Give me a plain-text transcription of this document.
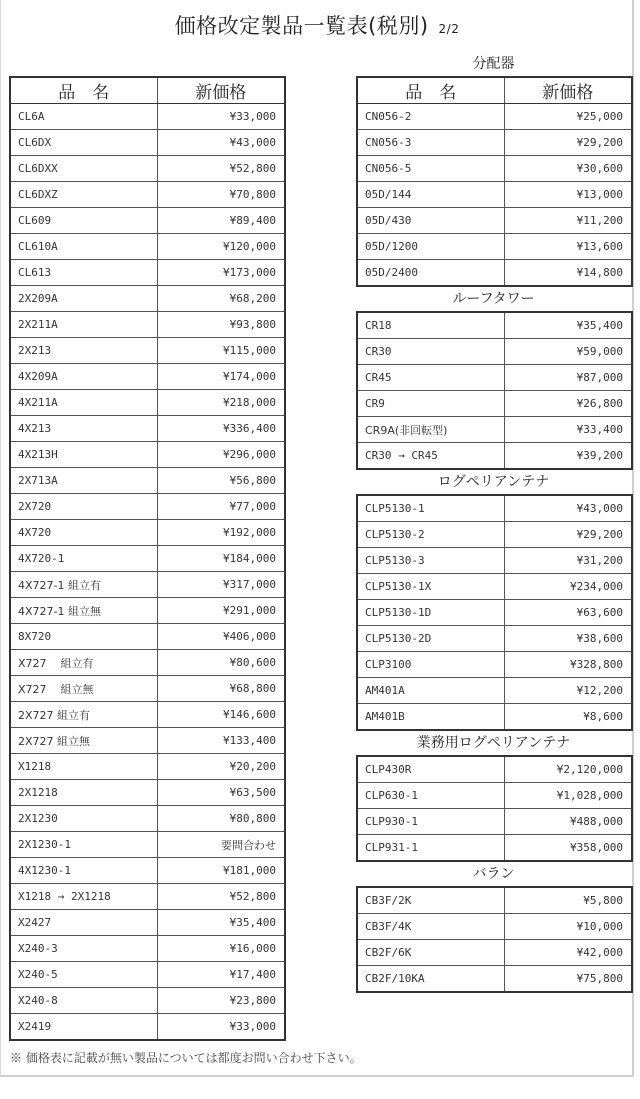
価格改定製品一覧表(税別) 2/2
品　名	新価格
CL6A	¥33,000
CL6DX	¥43,000
CL6DXX	¥52,800
CL6DXZ	¥70,800
CL609	¥89,400
CL610A	¥120,000
CL613	¥173,000
2X209A	¥68,200
2X211A	¥93,800
2X213	¥115,000
4X209A	¥174,000
4X211A	¥218,000
4X213	¥336,400
4X213H	¥296,000
2X713A	¥56,800
2X720	¥77,000
4X720	¥192,000
4X720-1	¥184,000
4X727-1 組立有	¥317,000
4X727-1 組立無	¥291,000
8X720	¥406,000
X727    組立有	¥80,600
X727    組立無	¥68,800
2X727 組立有	¥146,600
2X727 組立無	¥133,400
X1218	¥20,200
2X1218	¥63,500
2X1230	¥80,800
2X1230-1	要問合わせ
4X1230-1	¥181,000
X1218 → 2X1218	¥52,800
X2427	¥35,400
X240-3	¥16,000
X240-5	¥17,400
X240-8	¥23,800
X2419	¥33,000
分配器
品　名	新価格
CN056-2	¥25,000
CN056-3	¥29,200
CN056-5	¥30,600
05D/144	¥13,000
05D/430	¥11,200
05D/1200	¥13,600
05D/2400	¥14,800
ルーフタワー
CR18	¥35,400
CR30	¥59,000
CR45	¥87,000
CR9	¥26,800
CR9A(非回転型)	¥33,400
CR30 → CR45	¥39,200
ログペリアンテナ
CLP5130-1	¥43,000
CLP5130-2	¥29,200
CLP5130-3	¥31,200
CLP5130-1X	¥234,000
CLP5130-1D	¥63,600
CLP5130-2D	¥38,600
CLP3100	¥328,800
AM401A	¥12,200
AM401B	¥8,600
業務用ログペリアンテナ
CLP430R	¥2,120,000
CLP630-1	¥1,028,000
CLP930-1	¥488,000
CLP931-1	¥358,000
バラン
CB3F/2K	¥5,800
CB3F/4K	¥10,000
CB2F/6K	¥42,000
CB2F/10KA	¥75,800
※ 価格表に記載が無い製品については都度お問い合わせ下さい。
